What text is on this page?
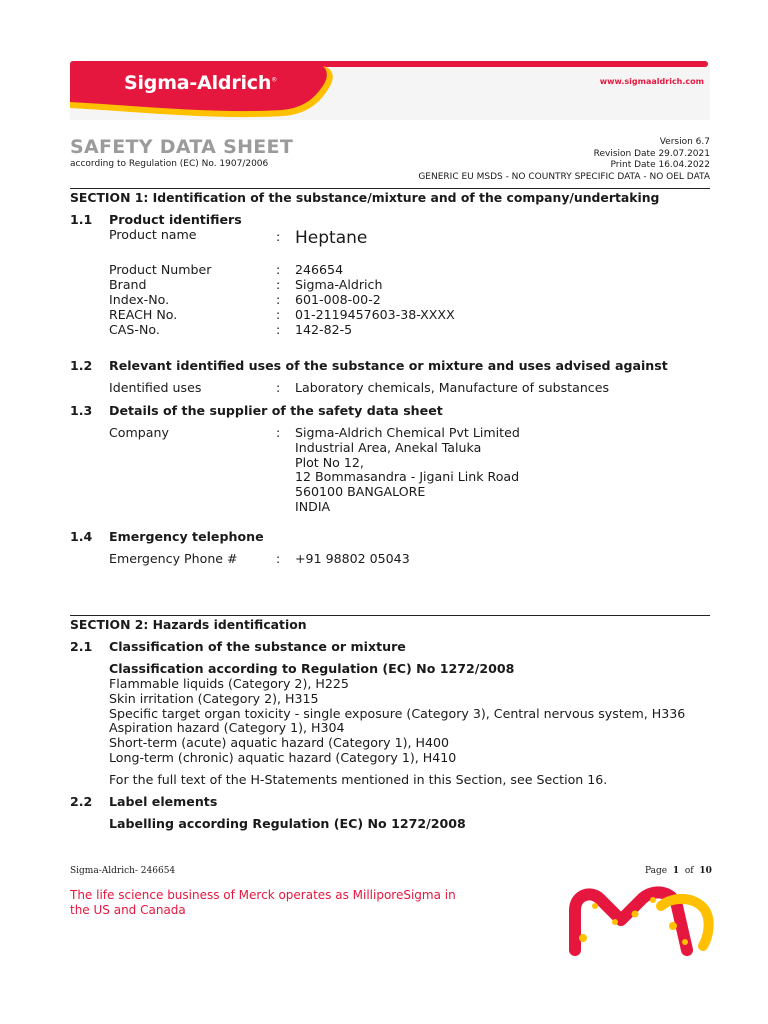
Sigma-Aldrich®	www.sigmaaldrich.com
SAFETY DATA SHEET
according to Regulation (EC) No. 1907/2006
Version 6.7
Revision Date 29.07.2021
Print Date 16.04.2022
GENERIC EU MSDS - NO COUNTRY SPECIFIC DATA - NO OEL DATA
SECTION 1: Identification of the substance/mixture and of the company/undertaking
1.1 Product identifiers
Product name	: Heptane
Product Number	: 246654
Brand	: Sigma-Aldrich
Index-No.	: 601-008-00-2
REACH No.	: 01-2119457603-38-XXXX
CAS-No.	: 142-82-5
1.2 Relevant identified uses of the substance or mixture and uses advised against
Identified uses	: Laboratory chemicals, Manufacture of substances
1.3 Details of the supplier of the safety data sheet
Company	: Sigma-Aldrich Chemical Pvt Limited
Industrial Area, Anekal Taluka
Plot No 12,
12 Bommasandra - Jigani Link Road
560100 BANGALORE
INDIA
1.4 Emergency telephone
Emergency Phone #	: +91 98802 05043
SECTION 2: Hazards identification
2.1 Classification of the substance or mixture
Classification according to Regulation (EC) No 1272/2008
Flammable liquids (Category 2), H225
Skin irritation (Category 2), H315
Specific target organ toxicity - single exposure (Category 3), Central nervous system, H336
Aspiration hazard (Category 1), H304
Short-term (acute) aquatic hazard (Category 1), H400
Long-term (chronic) aquatic hazard (Category 1), H410
For the full text of the H-Statements mentioned in this Section, see Section 16.
2.2 Label elements
Labelling according Regulation (EC) No 1272/2008
Sigma-Aldrich- 246654	Page 1 of 10
The life science business of Merck operates as MilliporeSigma in the US and Canada
